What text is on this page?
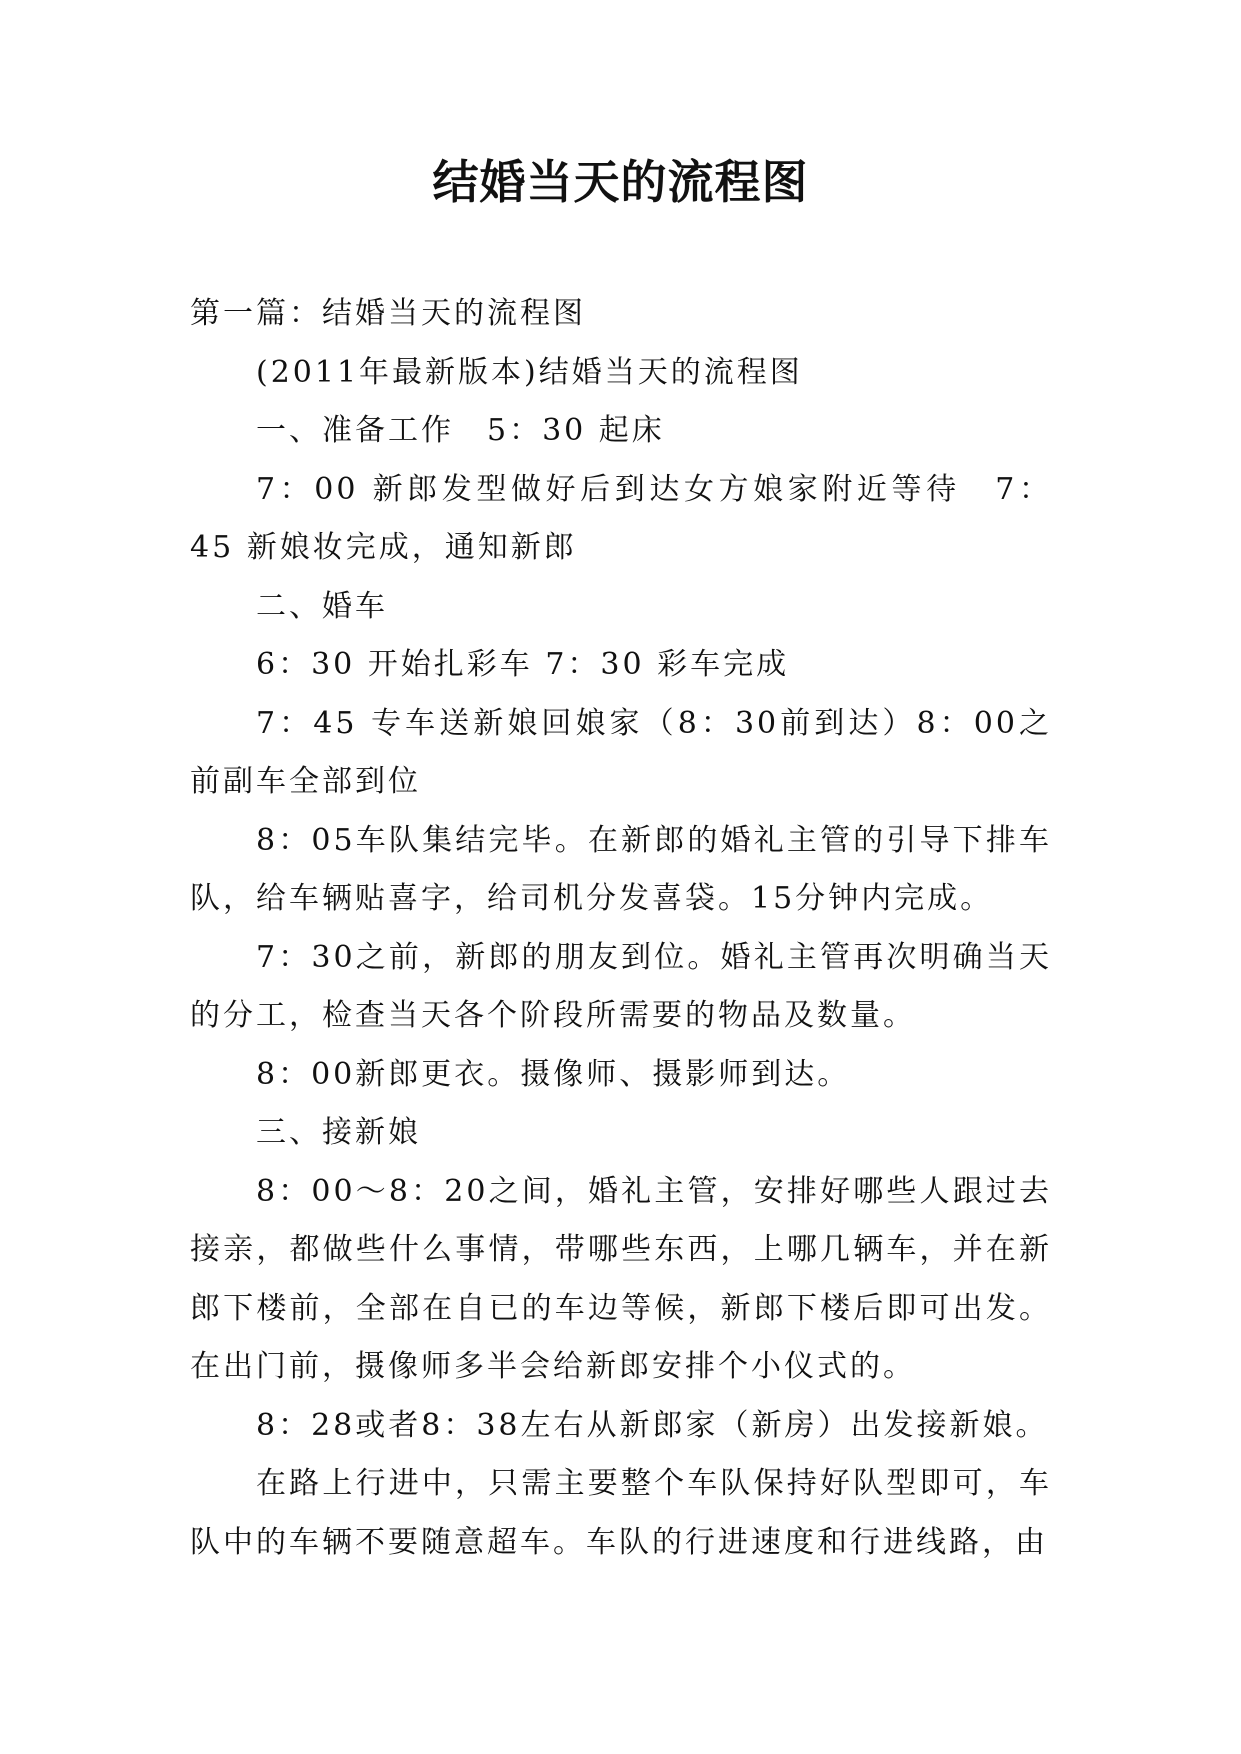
结婚当天的流程图

第一篇：结婚当天的流程图

(2011年最新版本)结婚当天的流程图

一、准备工作　5：30 起床

7：00 新郎发型做好后到达女方娘家附近等待　7：45 新娘妆完成，通知新郎

二、婚车

6：30 开始扎彩车 7：30 彩车完成

7：45 专车送新娘回娘家（8：30前到达）8：00之前副车全部到位

8：05车队集结完毕。在新郎的婚礼主管的引导下排车队，给车辆贴喜字，给司机分发喜袋。15分钟内完成。

7：30之前，新郎的朋友到位。婚礼主管再次明确当天的分工，检查当天各个阶段所需要的物品及数量。

8：00新郎更衣。摄像师、摄影师到达。

三、接新娘

8：00～8：20之间，婚礼主管，安排好哪些人跟过去接亲，都做些什么事情，带哪些东西，上哪几辆车，并在新郎下楼前，全部在自已的车边等候，新郎下楼后即可出发。在出门前，摄像师多半会给新郎安排个小仪式的。

8：28或者8：38左右从新郎家（新房）出发接新娘。

在路上行进中，只需主要整个车队保持好队型即可，车队中的车辆不要随意超车。车队的行进速度和行进线路，由
